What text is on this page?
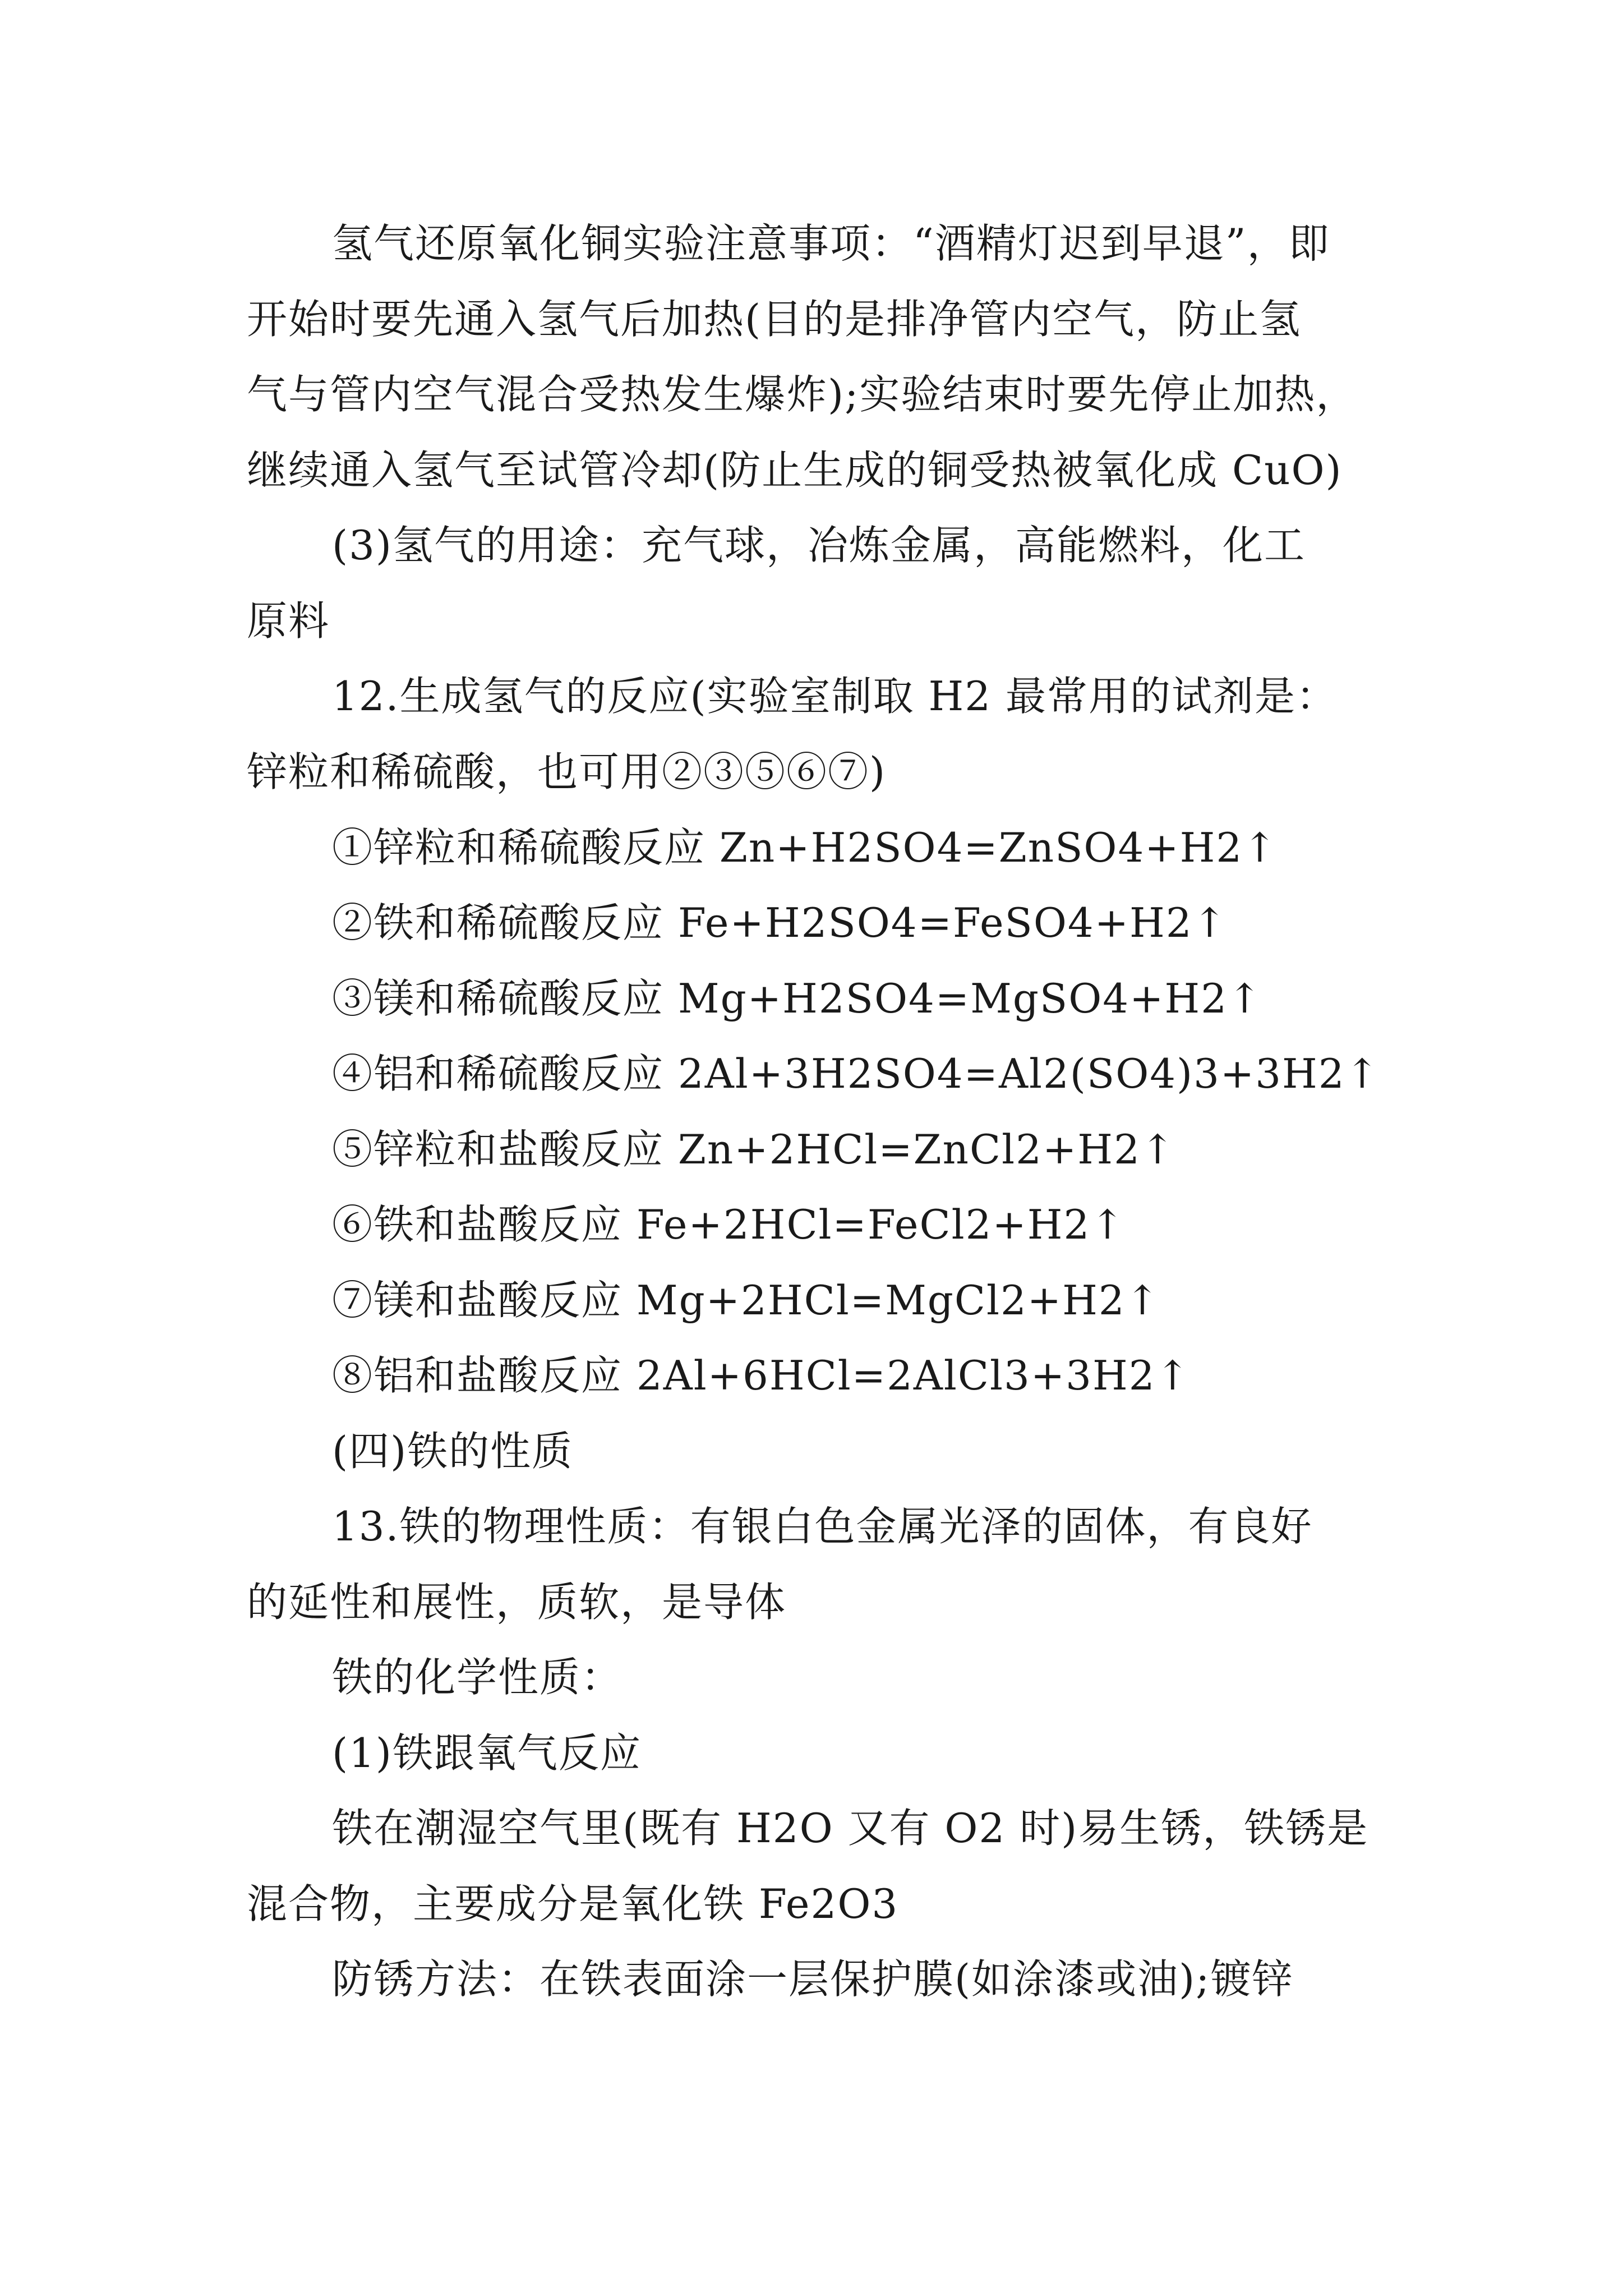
氢气还原氧化铜实验注意事项：“酒精灯迟到早退”，即
开始时要先通入氢气后加热(目的是排净管内空气，防止氢
气与管内空气混合受热发生爆炸);实验结束时要先停止加热，
继续通入氢气至试管冷却(防止生成的铜受热被氧化成 CuO)
(3)氢气的用途：充气球，冶炼金属，高能燃料，化工
原料
12.生成氢气的反应(实验室制取 H2 最常用的试剂是：
锌粒和稀硫酸，也可用②③⑤⑥⑦)
①锌粒和稀硫酸反应 Zn+H2SO4=ZnSO4+H2↑
②铁和稀硫酸反应 Fe+H2SO4=FeSO4+H2↑
③镁和稀硫酸反应 Mg+H2SO4=MgSO4+H2↑
④铝和稀硫酸反应 2Al+3H2SO4=Al2(SO4)3+3H2↑
⑤锌粒和盐酸反应 Zn+2HCl=ZnCl2+H2↑
⑥铁和盐酸反应 Fe+2HCl=FeCl2+H2↑
⑦镁和盐酸反应 Mg+2HCl=MgCl2+H2↑
⑧铝和盐酸反应 2Al+6HCl=2AlCl3+3H2↑
(四)铁的性质
13.铁的物理性质：有银白色金属光泽的固体，有良好
的延性和展性，质软，是导体
铁的化学性质：
(1)铁跟氧气反应
铁在潮湿空气里(既有 H2O 又有 O2 时)易生锈，铁锈是
混合物，主要成分是氧化铁 Fe2O3
防锈方法：在铁表面涂一层保护膜(如涂漆或油);镀锌
